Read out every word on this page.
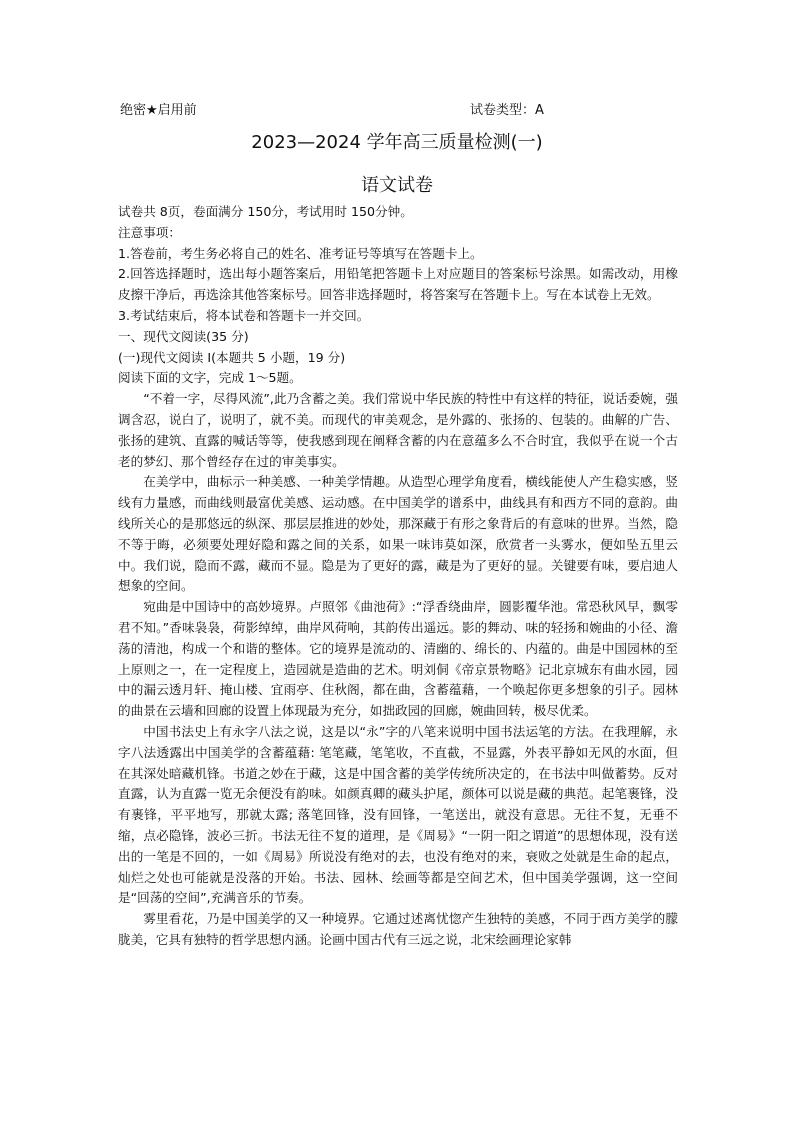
绝密★启用前	试卷类型：A
2023—2024 学年高三质量检测(一)
语文试卷

试卷共 8页，卷面满分 150分，考试用时 150分钟。

注意事项：

1.答卷前，考生务必将自己的姓名、准考证号等填写在答题卡上。

2.回答选择题时，选出每小题答案后，用铅笔把答题卡上对应题目的答案标号涂黑。如需改动，用橡皮擦干净后，再选涂其他答案标号。回答非选择题时，将答案写在答题卡上。写在本试卷上无效。

3.考试结束后，将本试卷和答题卡一并交回。

一、现代文阅读(35 分)

(一)现代文阅读 I(本题共 5 小题，19 分)

阅读下面的文字，完成 1～5题。

“不着一字，尽得风流”,此乃含蓄之美。我们常说中华民族的特性中有这样的特征，说话委婉，强调含忍，说白了，说明了，就不美。而现代的审美观念，是外露的、张扬的、包装的。曲解的广告、张扬的建筑、直露的喊话等等，使我感到现在阐释含蓄的内在意蕴多么不合时宜，我似乎在说一个古老的梦幻、那个曾经存在过的审美事实。

在美学中，曲标示一种美感、一种美学情趣。从造型心理学角度看，横线能使人产生稳实感，竖线有力量感，而曲线则最富优美感、运动感。在中国美学的谱系中，曲线具有和西方不同的意韵。曲线所关心的是那悠远的纵深、那层层推进的妙处，那深藏于有形之象背后的有意味的世界。当然，隐不等于晦，必须要处理好隐和露之间的关系，如果一味讳莫如深，欣赏者一头雾水，便如坠五里云中。我们说，隐而不露，藏而不显。隐是为了更好的露，藏是为了更好的显。关键要有味，要启迪人想象的空间。

宛曲是中国诗中的高妙境界。卢照邻《曲池荷》:“浮香绕曲岸，圆影覆华池。常恐秋风早，飘零君不知。”香味袅袅，荷影绰绰，曲岸风荷响，其韵传出遥远。影的舞动、味的轻扬和婉曲的小径、澹荡的清池，构成一个和谐的整体。它的境界是流动的、清幽的、绵长的、内蕴的。曲是中国园林的至上原则之一，在一定程度上，造园就是造曲的艺术。明刘侗《帝京景物略》记北京城东有曲水园，园中的漏云透月轩、掩山楼、宜雨亭、住秋阁，都在曲，含蓄蕴藉，一个唤起你更多想象的引子。园林的曲景在云墙和回廊的设置上体现最为充分，如拙政园的回廊，婉曲回转，极尽优柔。

中国书法史上有永字八法之说，这是以“永”字的八笔来说明中国书法运笔的方法。在我理解，永字八法透露出中国美学的含蓄蕴藉: 笔笔藏，笔笔收，不直截，不显露，外表平静如无风的水面，但在其深处暗藏机锋。书道之妙在于藏，这是中国含蓄的美学传统所决定的，在书法中叫做蓄势。反对直露，认为直露一览无余便没有韵味。如颜真卿的藏头护尾，颜体可以说是藏的典范。起笔裹锋，没有裹锋，平平地写，那就太露; 落笔回锋，没有回锋，一笔送出，就没有意思。无往不复，无垂不缩，点必隐锋，波必三折。书法无往不复的道理，是《周易》“一阴一阳之谓道”的思想体现，没有送出的一笔是不回的，一如《周易》所说没有绝对的去，也没有绝对的来，衰败之处就是生命的起点，灿烂之处也可能就是没落的开始。书法、园林、绘画等都是空间艺术，但中国美学强调，这一空间是“回荡的空间”,充满音乐的节奏。

雾里看花，乃是中国美学的又一种境界。它通过述离忧惚产生独特的美感，不同于西方美学的朦胧美，它具有独特的哲学思想内涵。论画中国古代有三远之说，北宋绘画理论家韩
